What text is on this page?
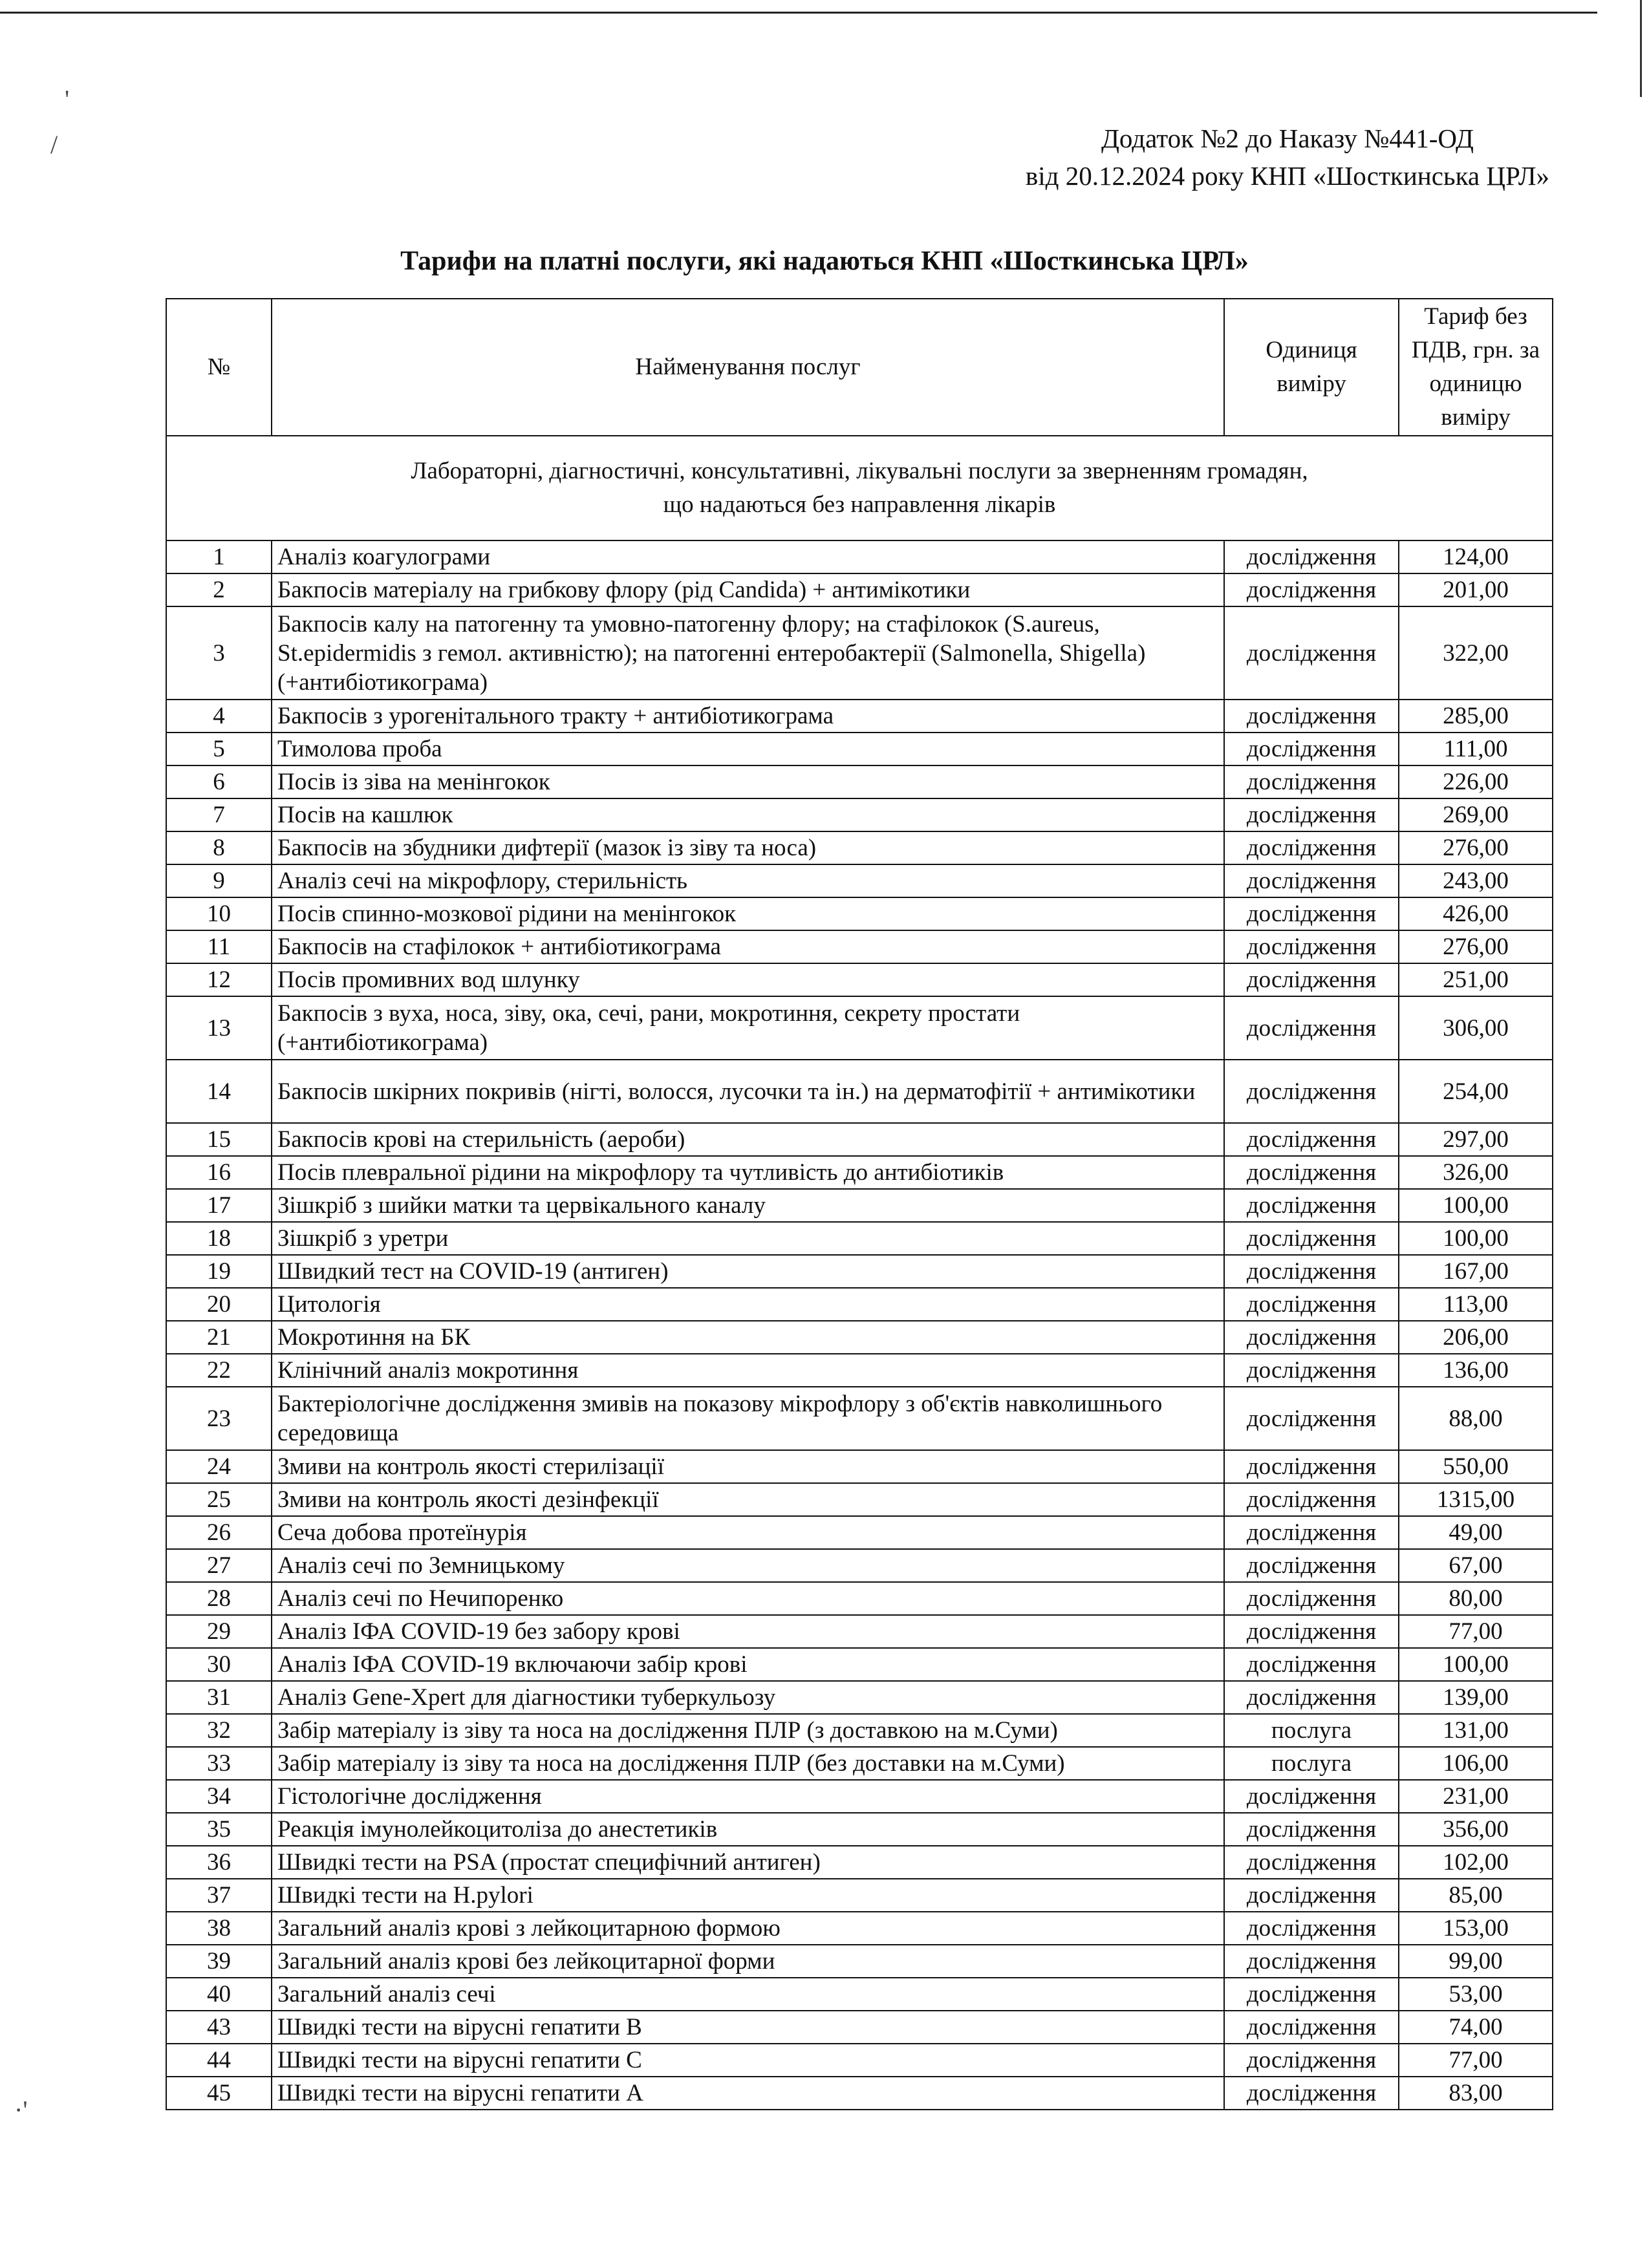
'
/
·'
Додаток №2 до Наказу №441-ОД
від 20.12.2024 року КНП «Шосткинська ЦРЛ»
Тарифи на платні послуги, які надаються КНП «Шосткинська ЦРЛ»
№	Найменування послуг	Одиниця виміру	Тариф без ПДВ, грн. за одиницю виміру

Лабораторні, діагностичні, консультативні, лікувальні послуги за зверненням громадян,
що надаються без направлення лікарів			

1	Аналіз коагулограми	дослідження	124,00
2	Бакпосів матеріалу на грибкову флору (рід Candida) + антимікотики	дослідження	201,00
3	Бакпосів калу на патогенну та умовно-патогенну флору; на стафілокок (S.aureus, St.epidermidis з гемол. активністю); на патогенні ентеробактерії (Salmonella, Shigella) (+антибіотикограма)	дослідження	322,00
4	Бакпосів з урогенітального тракту + антибіотикограма	дослідження	285,00
5	Тимолова проба	дослідження	111,00
6	Посів із зіва на менінгокок	дослідження	226,00
7	Посів на кашлюк	дослідження	269,00
8	Бакпосів на збудники дифтерії (мазок із зіву та носа)	дослідження	276,00
9	Аналіз сечі на мікрофлору, стерильність	дослідження	243,00
10	Посів спинно-мозкової рідини на менінгокок	дослідження	426,00
11	Бакпосів на стафілокок + антибіотикограма	дослідження	276,00
12	Посів промивних вод шлунку	дослідження	251,00
13	Бакпосів з вуха, носа, зіву, ока, сечі, рани, мокротиння, секрету простати (+антибіотикограма)	дослідження	306,00
14	Бакпосів шкірних покривів (нігті, волосся, лусочки та ін.) на дерматофітії + антимікотики	дослідження	254,00
15	Бакпосів крові на стерильність (аероби)	дослідження	297,00
16	Посів плевральної рідини на мікрофлору та чутливість до антибіотиків	дослідження	326,00
17	Зішкріб з шийки матки та цервікального каналу	дослідження	100,00
18	Зішкріб з уретри	дослідження	100,00
19	Швидкий тест на COVID-19 (антиген)	дослідження	167,00
20	Цитологія	дослідження	113,00
21	Мокротиння на БК	дослідження	206,00
22	Клінічний аналіз мокротиння	дослідження	136,00
23	Бактеріологічне дослідження змивів на показову мікрофлору з об'єктів навколишнього середовища	дослідження	88,00
24	Змиви на контроль якості стерилізації	дослідження	550,00
25	Змиви на контроль якості дезінфекції	дослідження	1315,00
26	Сеча добова протеїнурія	дослідження	49,00
27	Аналіз сечі по Земницькому	дослідження	67,00
28	Аналіз сечі по Нечипоренко	дослідження	80,00
29	Аналіз ІФА COVID-19 без забору крові	дослідження	77,00
30	Аналіз ІФА COVID-19 включаючи забір крові	дослідження	100,00
31	Аналіз Gene-Xpert для діагностики туберкульозу	дослідження	139,00
32	Забір матеріалу із зіву та носа на дослідження ПЛР (з доставкою на м.Суми)	послуга	131,00
33	Забір матеріалу із зіву та носа на дослідження ПЛР (без доставки на м.Суми)	послуга	106,00
34	Гістологічне дослідження	дослідження	231,00
35	Реакція імунолейкоцитоліза до анестетиків	дослідження	356,00
36	Швидкі тести на PSA (простат специфічний антиген)	дослідження	102,00
37	Швидкі тести на H.pylori	дослідження	85,00
38	Загальний аналіз крові з лейкоцитарною формою	дослідження	153,00
39	Загальний аналіз крові без лейкоцитарної форми	дослідження	99,00
40	Загальний аналіз сечі	дослідження	53,00
43	Швидкі тести на вірусні гепатити В	дослідження	74,00
44	Швидкі тести на вірусні гепатити С	дослідження	77,00
45	Швидкі тести на вірусні гепатити А	дослідження	83,00
